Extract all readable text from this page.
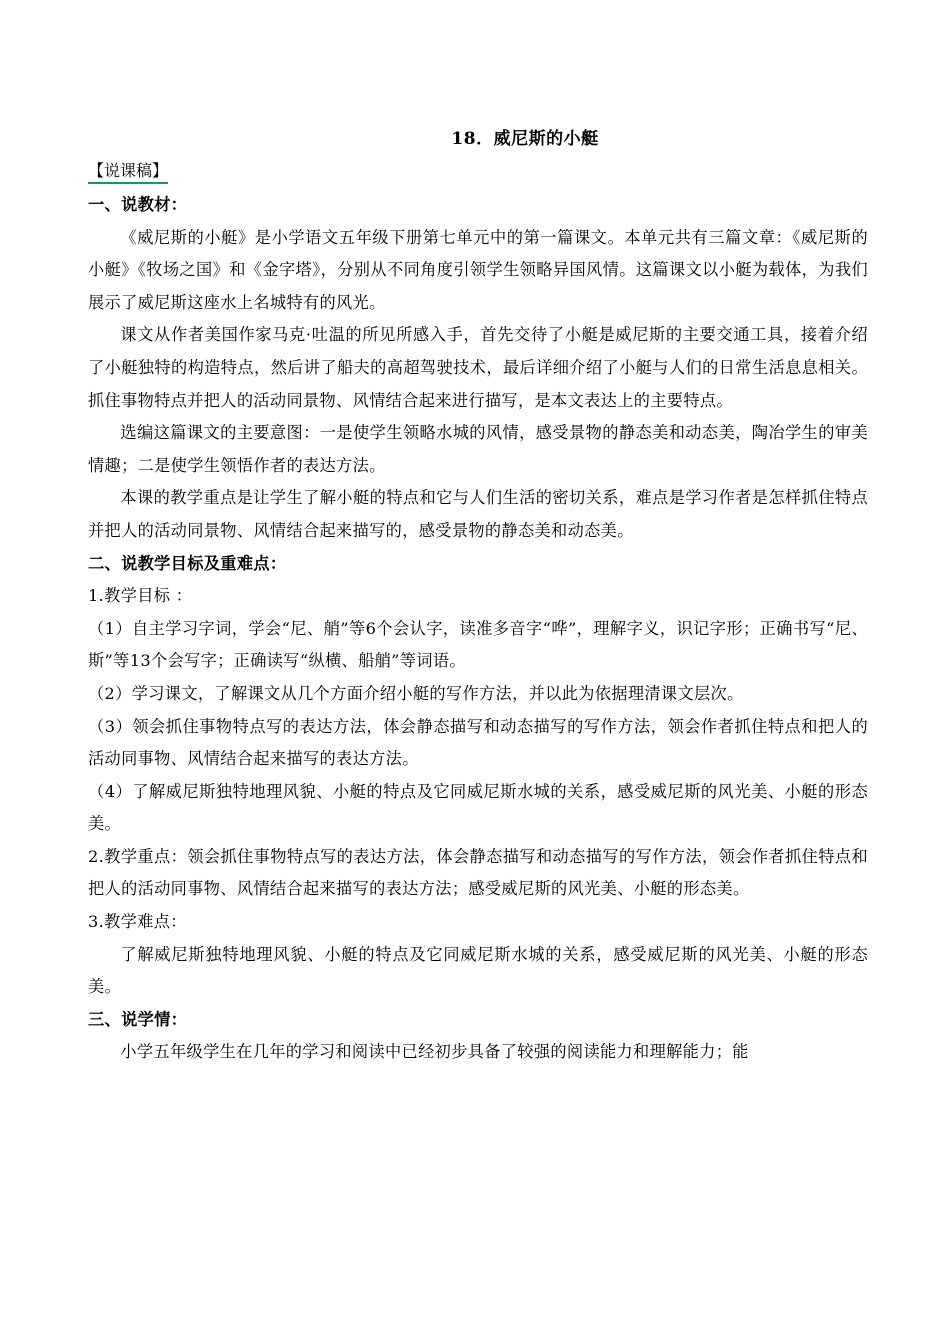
18．威尼斯的小艇
【说课稿】

一、说教材：

《威尼斯的小艇》是小学语文五年级下册第七单元中的第一篇课文。本单元共有三篇文章：《威尼斯的小艇》《牧场之国》和《金字塔》，分别从不同角度引领学生领略异国风情。这篇课文以小艇为载体，为我们展示了威尼斯这座水上名城特有的风光。

课文从作者美国作家马克·吐温的所见所感入手，首先交待了小艇是威尼斯的主要交通工具，接着介绍了小艇独特的构造特点，然后讲了船夫的高超驾驶技术，最后详细介绍了小艇与人们的日常生活息息相关。抓住事物特点并把人的活动同景物、风情结合起来进行描写，是本文表达上的主要特点。

选编这篇课文的主要意图：一是使学生领略水城的风情，感受景物的静态美和动态美，陶冶学生的审美情趣；二是使学生领悟作者的表达方法。

本课的教学重点是让学生了解小艇的特点和它与人们生活的密切关系，难点是学习作者是怎样抓住特点并把人的活动同景物、风情结合起来描写的，感受景物的静态美和动态美。

二、说教学目标及重难点：

1.教学目标 ：

（1）自主学习字词，学会“尼、艄”等6个会认字，读准多音字“哗”，理解字义，识记字形；正确书写“尼、斯”等13个会写字；正确读写“纵横、船艄”等词语。

（2）学习课文，了解课文从几个方面介绍小艇的写作方法，并以此为依据理清课文层次。

（3）领会抓住事物特点写的表达方法，体会静态描写和动态描写的写作方法，领会作者抓住特点和把人的活动同事物、风情结合起来描写的表达方法。

（4）了解威尼斯独特地理风貌、小艇的特点及它同威尼斯水城的关系，感受威尼斯的风光美、小艇的形态美。

2.教学重点：领会抓住事物特点写的表达方法，体会静态描写和动态描写的写作方法，领会作者抓住特点和把人的活动同事物、风情结合起来描写的表达方法；感受威尼斯的风光美、小艇的形态美。

3.教学难点：

了解威尼斯独特地理风貌、小艇的特点及它同威尼斯水城的关系，感受威尼斯的风光美、小艇的形态美。

三、说学情：

小学五年级学生在几年的学习和阅读中已经初步具备了较强的阅读能力和理解能力；能
